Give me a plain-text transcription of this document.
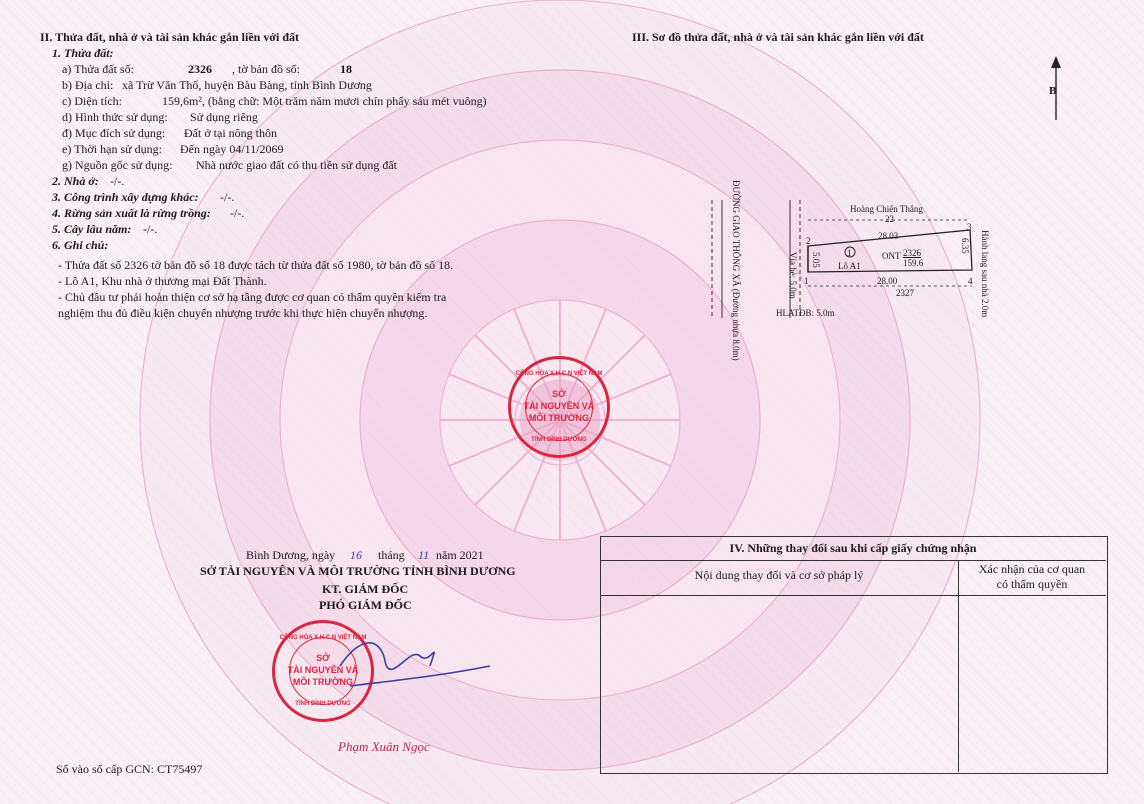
II. Thửa đất, nhà ở và tài sản khác gắn liền với đất
1. Thửa đất:
a) Thửa đất số:	2326 , tờ bản đồ số:	18
b) Địa chỉ: xã Trừ Văn Thố, huyện Bàu Bàng, tỉnh Bình Dương
c) Diện tích:	159,6m², (bằng chữ: Một trăm năm mươi chín phẩy sáu mét vuông)
d) Hình thức sử dụng: Sử dụng riêng
đ) Mục đích sử dụng: Đất ở tại nông thôn
e) Thời hạn sử dụng: Đến ngày 04/11/2069
g) Nguồn gốc sử dụng: Nhà nước giao đất có thu tiền sử dụng đất
2. Nhà ở: -/-.
3. Công trình xây dựng khác: -/-.
4. Rừng sản xuất là rừng trồng: -/-.
5. Cây lâu năm: -/-.
6. Ghi chú:
- Thửa đất số 2326 tờ bản đồ số 18 được tách từ thửa đất số 1980, tờ bản đồ số 18.
- Lô A1, Khu nhà ở thương mại Đất Thành.
- Chủ đầu tư phải hoàn thiện cơ sở hạ tầng được cơ quan có thẩm quyền kiểm tra
nghiệm thu đủ điều kiện chuyển nhượng trước khi thực hiện chuyển nhượng.
III. Sơ đồ thửa đất, nhà ở và tài sản khác gắn liền với đất
B
ĐƯỜNG GIAO THÔNG XÃ (Đường nhựa 8.0m)	Hoàng Chiến Thắng
22
28.03
28.00
2327
1
Lô A1
ONT 2326
159.6
5.05
6.35
Vỉa hè: 5.0m
HLATĐB: 5.0m	Hành lang sau nhà 2.0m
1
2
3
4
CỘNG HÒA X.H.C.N VIỆT NAM
SỞ
TÀI NGUYÊN VÀ
MÔI TRƯỜNG
TỈNH BÌNH DƯƠNG
Bình Dương, ngày 16 tháng 11 năm 2021
SỞ TÀI NGUYÊN VÀ MÔI TRƯỜNG TỈNH BÌNH DƯƠNG
KT. GIÁM ĐỐC
PHÓ GIÁM ĐỐC
CỘNG HÒA X.H.C.N VIỆT NAM
SỞ
TÀI NGUYÊN VÀ
MÔI TRƯỜNG
TỈNH BÌNH DƯƠNG
Phạm Xuân Ngọc
IV. Những thay đổi sau khi cấp giấy chứng nhận
Nội dung thay đổi và cơ sở pháp lý	Xác nhận của cơ quan
có thẩm quyền
Số vào sổ cấp GCN: CT75497
